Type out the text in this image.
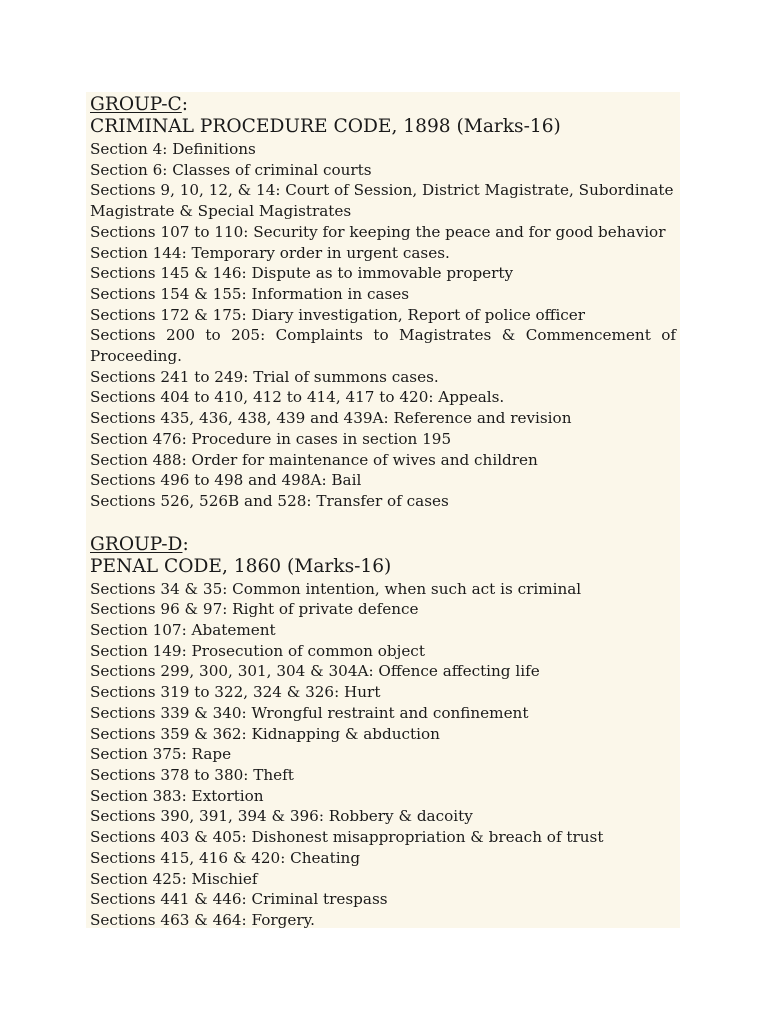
GROUP-C:
CRIMINAL PROCEDURE CODE, 1898 (Marks-16)
Section 4: Definitions
Section 6: Classes of criminal courts
Sections 9, 10, 12, & 14: Court of Session, District Magistrate, Subordinate Magistrate & Special Magistrates
Sections 107 to 110: Security for keeping the peace and for good behavior
Section 144: Temporary order in urgent cases.
Sections 145 & 146: Dispute as to immovable property
Sections 154 & 155: Information in cases
Sections 172 & 175: Diary investigation, Report of police officer
Sections 200 to 205: Complaints to Magistrates & Commencement of Proceeding.
Sections 241 to 249: Trial of summons cases.
Sections 404 to 410, 412 to 414, 417 to 420: Appeals.
Sections 435, 436, 438, 439 and 439A: Reference and revision
Section 476: Procedure in cases in section 195
Section 488: Order for maintenance of wives and children
Sections 496 to 498 and 498A: Bail
Sections 526, 526B and 528: Transfer of cases
GROUP-D:
PENAL CODE, 1860 (Marks-16)
Sections 34 & 35: Common intention, when such act is criminal
Sections 96 & 97: Right of private defence
Section 107: Abatement
Section 149: Prosecution of common object
Sections 299, 300, 301, 304 & 304A: Offence affecting life
Sections 319 to 322, 324 & 326: Hurt
Sections 339 & 340: Wrongful restraint and confinement
Sections 359 & 362: Kidnapping & abduction
Section 375: Rape
Sections 378 to 380: Theft
Section 383: Extortion
Sections 390, 391, 394 & 396: Robbery & dacoity
Sections 403 & 405: Dishonest misappropriation & breach of trust
Sections 415, 416 & 420: Cheating
Section 425: Mischief
Sections 441 & 446: Criminal trespass
Sections 463 & 464: Forgery.
